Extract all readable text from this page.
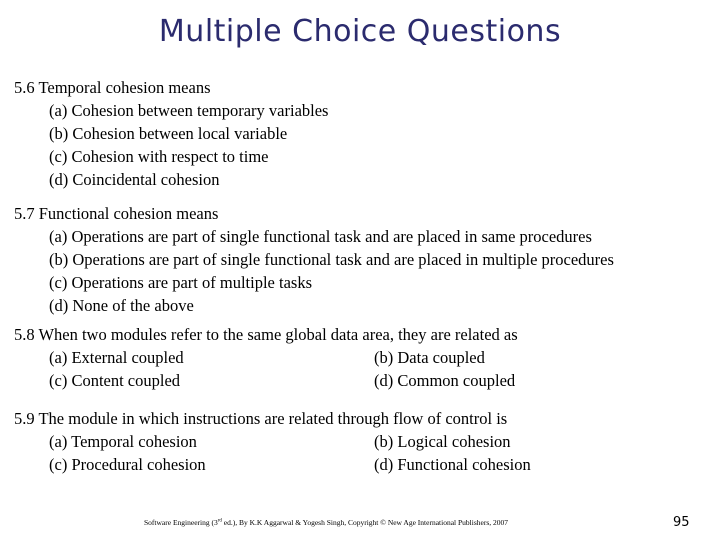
Multiple Choice Questions
5.6 Temporal cohesion means
(a) Cohesion between temporary variables
(b) Cohesion between local variable
(c) Cohesion with respect to time
(d) Coincidental cohesion
5.7 Functional cohesion means
(a) Operations are part of single functional task and are placed in same procedures
(b) Operations are part of single functional task and are placed in multiple procedures
(c) Operations are part of multiple tasks
(d) None of the above
5.8 When two modules refer to the same global data area, they are related as
(a) External coupled	(b) Data coupled
(c) Content coupled	(d) Common coupled
5.9 The module in which instructions are related through flow of control is
(a) Temporal cohesion	(b) Logical cohesion
(c) Procedural cohesion	(d) Functional cohesion
Software Engineering (3rd ed.), By K.K Aggarwal & Yogesh Singh, Copyright © New Age International Publishers, 2007	95
